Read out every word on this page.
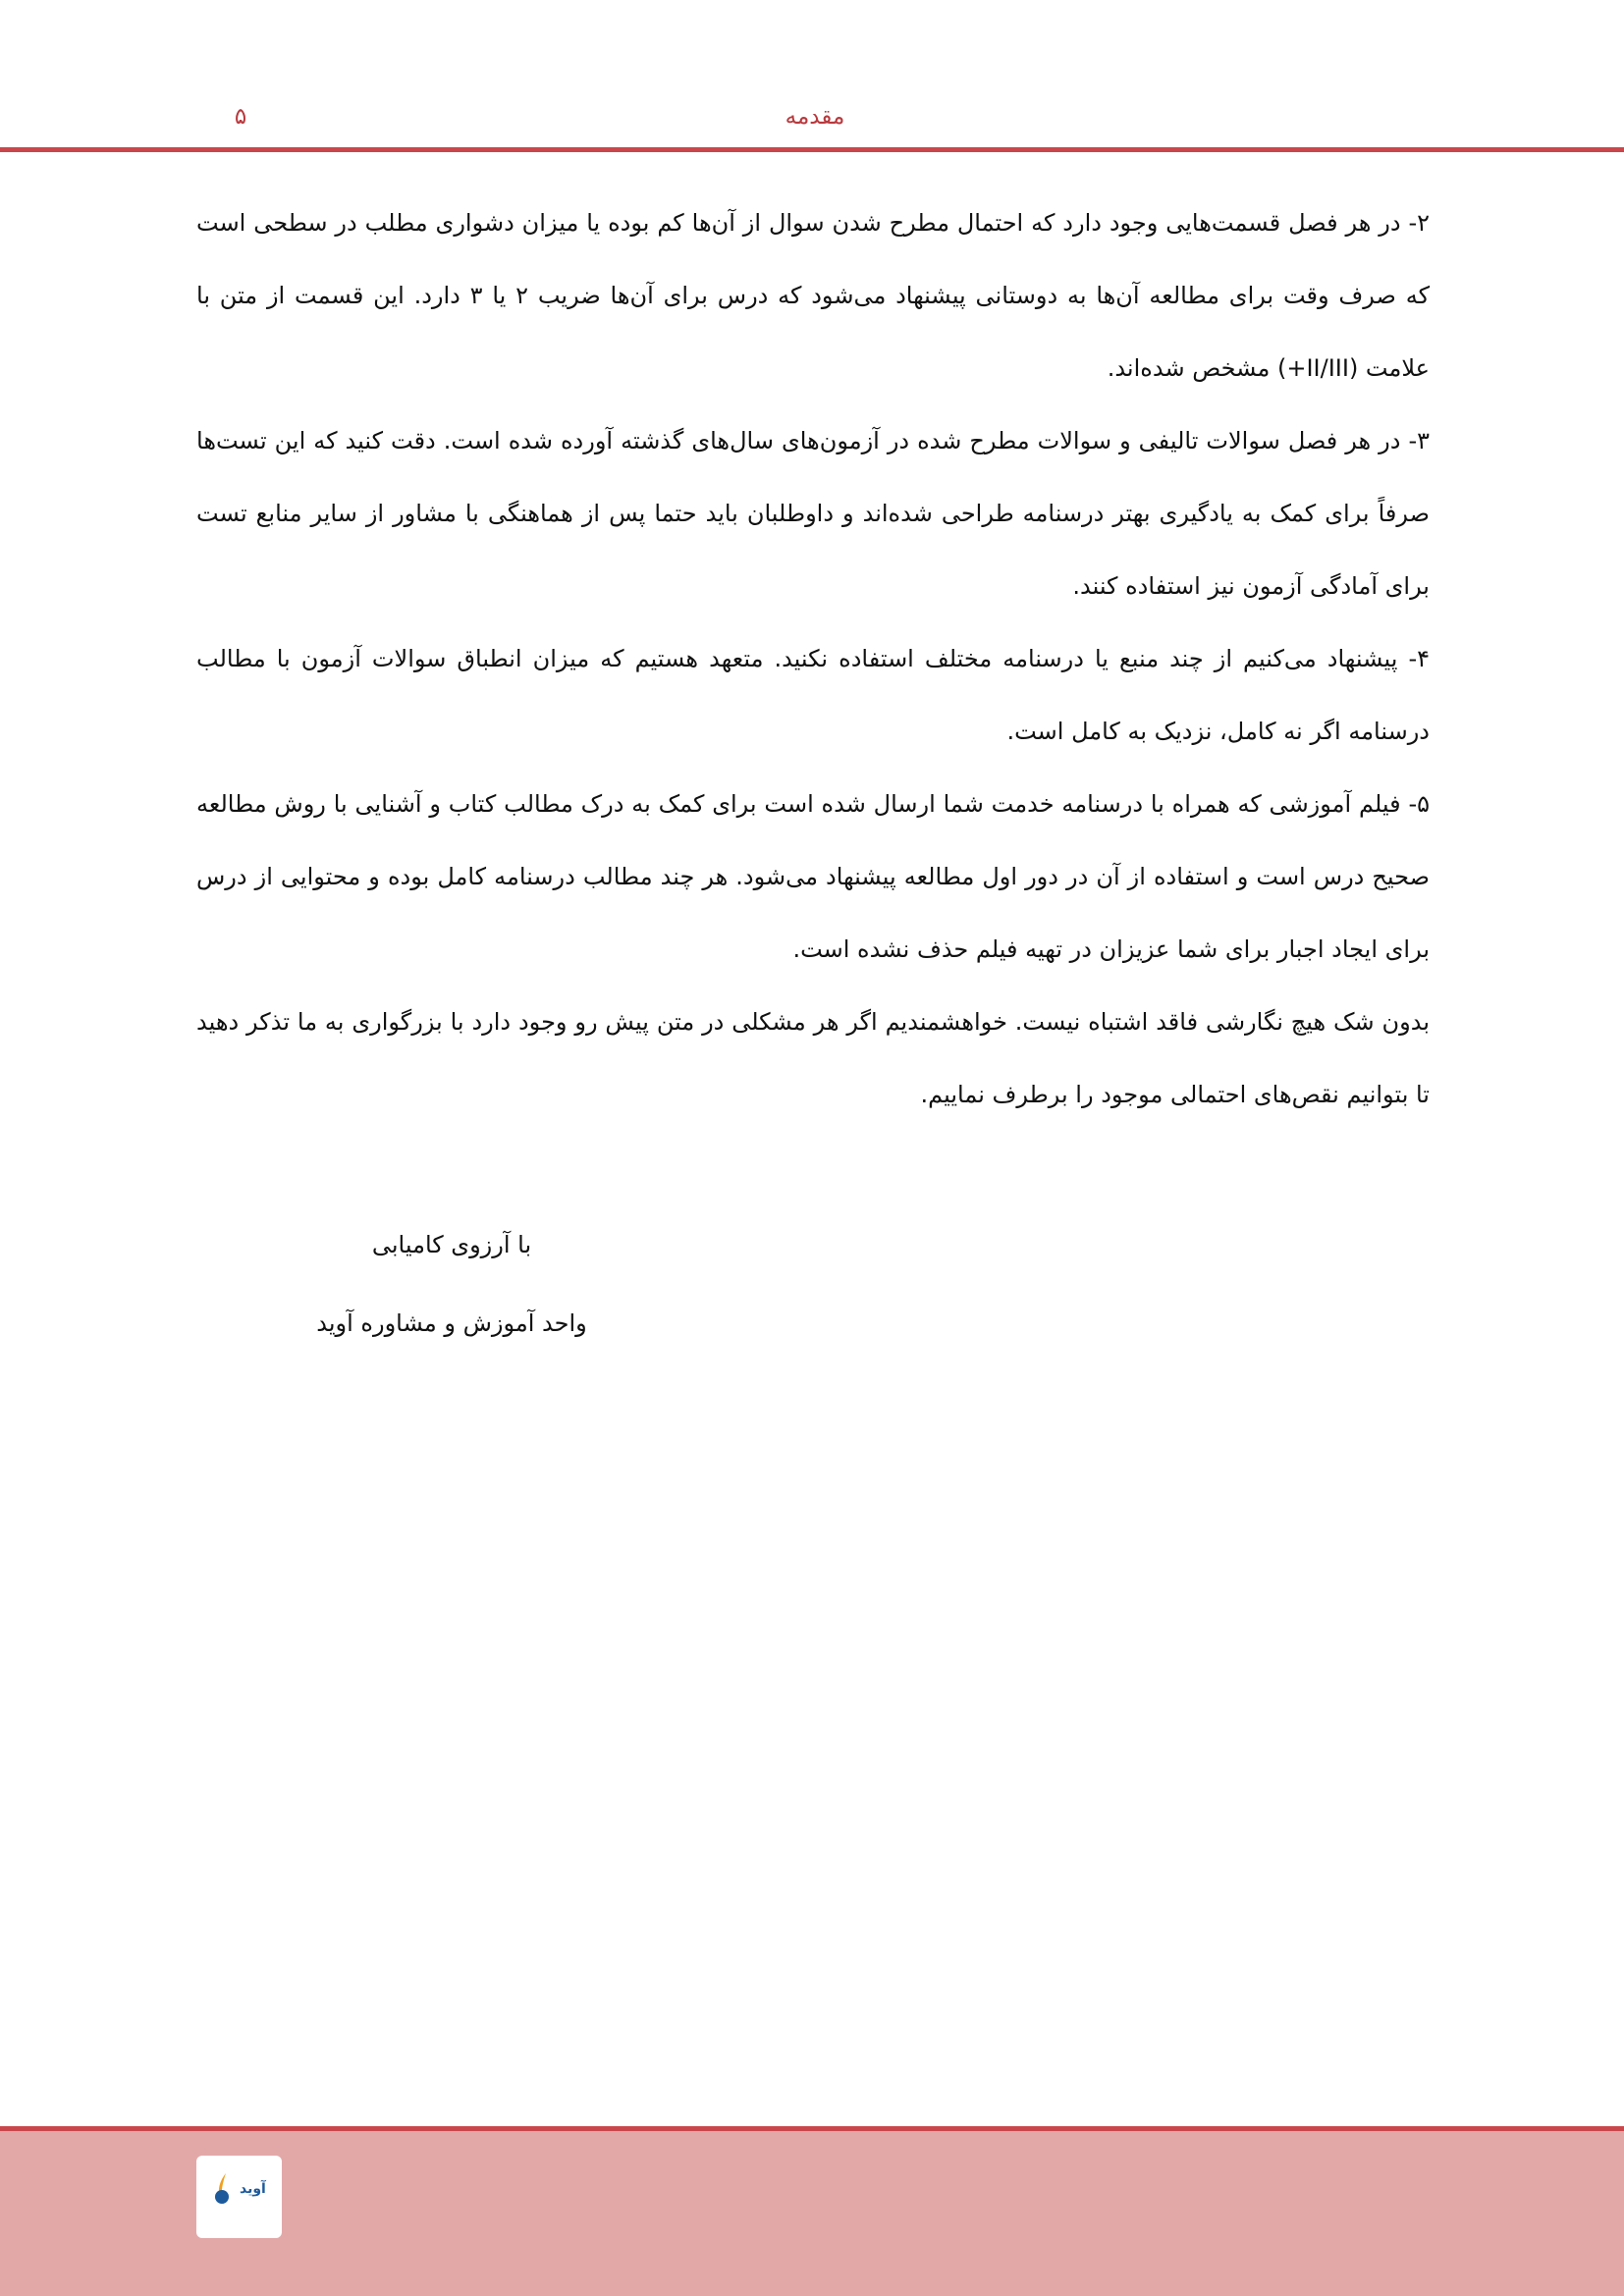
۵	مقدمه

۲- در هر فصل قسمت‌هایی وجود دارد که احتمال مطرح شدن سوال از آن‌ها کم بوده یا میزان دشواری مطلب در سطحی است که صرف وقت برای مطالعه آن‌ها به دوستانی پیشنهاد می‌شود که درس برای آن‌ها ضریب ۲ یا ۳ دارد. این قسمت از متن با علامت (II/III+) مشخص شده‌اند.

۳- در هر فصل سوالات تالیفی و سوالات مطرح شده در آزمون‌های سال‌های گذشته آورده شده است. دقت کنید که این تست‌ها صرفاً برای کمک به یادگیری بهتر درسنامه طراحی شده‌اند و داوطلبان باید حتما پس از هماهنگی با مشاور از سایر منابع تست برای آمادگی آزمون نیز استفاده کنند.

۴- پیشنهاد می‌کنیم از چند منبع یا درسنامه مختلف استفاده نکنید. متعهد هستیم که میزان انطباق سوالات آزمون با مطالب درسنامه اگر نه کامل، نزدیک به کامل است.

۵- فیلم آموزشی که همراه با درسنامه خدمت شما ارسال شده است برای کمک به درک مطالب کتاب و آشنایی با روش مطالعه صحیح درس است و استفاده از آن در دور اول مطالعه پیشنهاد می‌شود. هر چند مطالب درسنامه کامل بوده و محتوایی از درس برای ایجاد اجبار برای شما عزیزان در تهیه فیلم حذف نشده است.

بدون شک هیچ نگارشی فاقد اشتباه نیست. خواهشمندیم اگر هر مشکلی در متن پیش رو وجود دارد با بزرگواری به ما تذکر دهید تا بتوانیم نقص‌های احتمالی موجود را برطرف نماییم.

با آرزوی کامیابی
واحد آموزش و مشاوره آوید
آوید
